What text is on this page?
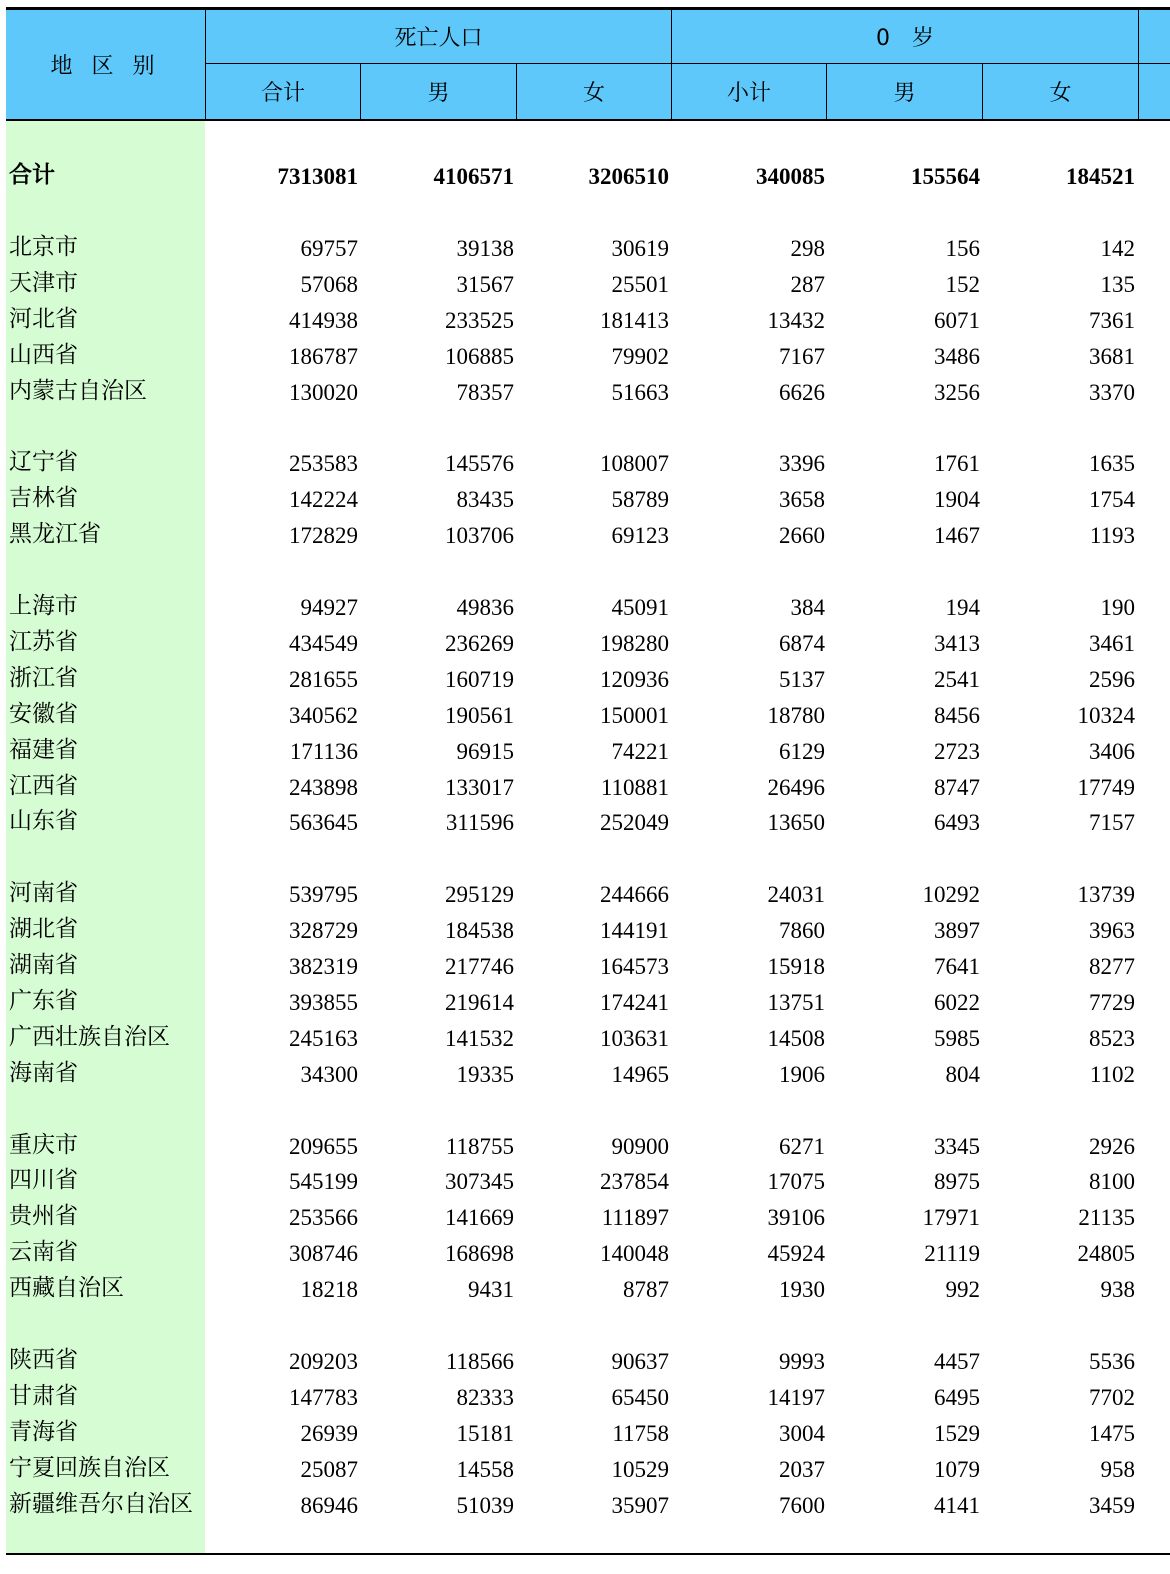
地 区 别
死亡人口	0　岁
合计	男	女	小计	男	女
合计	7313081	4106571	3206510	340085	155564	184521
北京市	69757	39138	30619	298	156	142
天津市	57068	31567	25501	287	152	135
河北省	414938	233525	181413	13432	6071	7361
山西省	186787	106885	79902	7167	3486	3681
内蒙古自治区	130020	78357	51663	6626	3256	3370
辽宁省	253583	145576	108007	3396	1761	1635
吉林省	142224	83435	58789	3658	1904	1754
黑龙江省	172829	103706	69123	2660	1467	1193
上海市	94927	49836	45091	384	194	190
江苏省	434549	236269	198280	6874	3413	3461
浙江省	281655	160719	120936	5137	2541	2596
安徽省	340562	190561	150001	18780	8456	10324
福建省	171136	96915	74221	6129	2723	3406
江西省	243898	133017	110881	26496	8747	17749
山东省	563645	311596	252049	13650	6493	7157
河南省	539795	295129	244666	24031	10292	13739
湖北省	328729	184538	144191	7860	3897	3963
湖南省	382319	217746	164573	15918	7641	8277
广东省	393855	219614	174241	13751	6022	7729
广西壮族自治区	245163	141532	103631	14508	5985	8523
海南省	34300	19335	14965	1906	804	1102
重庆市	209655	118755	90900	6271	3345	2926
四川省	545199	307345	237854	17075	8975	8100
贵州省	253566	141669	111897	39106	17971	21135
云南省	308746	168698	140048	45924	21119	24805
西藏自治区	18218	9431	8787	1930	992	938
陕西省	209203	118566	90637	9993	4457	5536
甘肃省	147783	82333	65450	14197	6495	7702
青海省	26939	15181	11758	3004	1529	1475
宁夏回族自治区	25087	14558	10529	2037	1079	958
新疆维吾尔自治区	86946	51039	35907	7600	4141	3459
